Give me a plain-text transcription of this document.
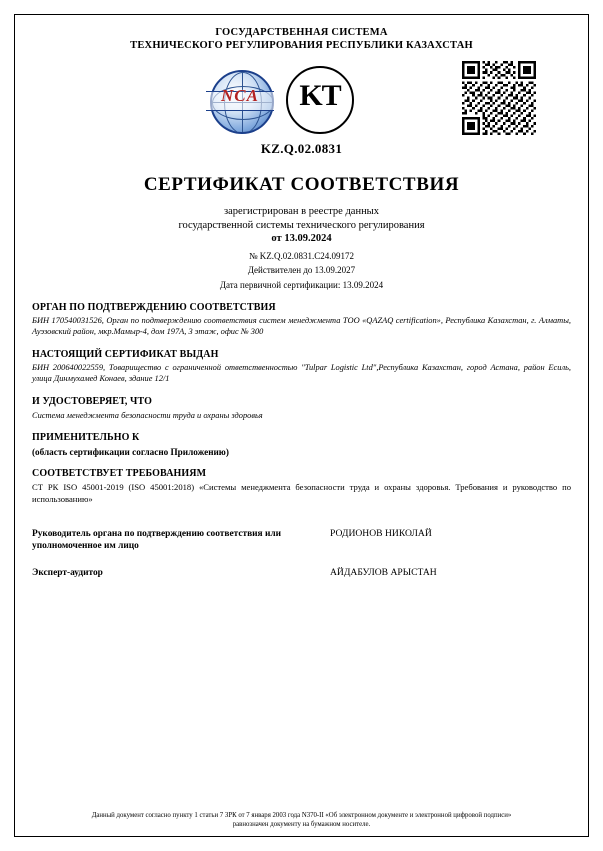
ГОСУДАРСТВЕННАЯ СИСТЕМА
ТЕХНИЧЕСКОГО РЕГУЛИРОВАНИЯ РЕСПУБЛИКИ КАЗАХСТАН
NCA	KТ
KZ.Q.02.0831
СЕРТИФИКАТ СООТВЕТСТВИЯ
зарегистрирован в реестре данных
государственной системы технического регулирования
от 13.09.2024
№ KZ.Q.02.0831.C24.09172
Действителен до 13.09.2027
Дата первичной сертификации: 13.09.2024
ОРГАН ПО ПОДТВЕРЖДЕНИЮ СООТВЕТСТВИЯ
БИН 170540031526, Орган по подтверждению соответствия систем менеджмента ТОО «QAZAQ certification», Республика Казахстан, г. Алматы, Ауэзовский район, мкр.Мамыр-4, дом 197А, 3 этаж, офис № 300
НАСТОЯЩИЙ СЕРТИФИКАТ ВЫДАН
БИН 200640022559, Товарищество с ограниченной ответственностью "Tulpar Logistic Ltd",Республика Казахстан, город Астана, район Есиль, улица Динмухамед Конаев, здание 12/1
И УДОСТОВЕРЯЕТ, ЧТО
Система менеджмента безопасности труда и охраны здоровья
ПРИМЕНИТЕЛЬНО К
(область сертификации согласно Приложению)
СООТВЕТСТВУЕТ ТРЕБОВАНИЯМ
СТ РК ISO 45001-2019 (ISO 45001:2018) «Системы менеджмента безопасности труда и охраны здоровья. Требования и руководство по использованию»
Руководитель органа по подтверждению соответствия или уполномоченное им лицо
РОДИОНОВ НИКОЛАЙ
Эксперт-аудитор	АЙДАБУЛОВ АРЫСТАН
Данный документ согласно пункту 1 статьи 7 ЗРК от 7 января 2003 года N370-II «Об электронном документе и электронной цифровой подписи»
равнозначен документу на бумажном носителе.
